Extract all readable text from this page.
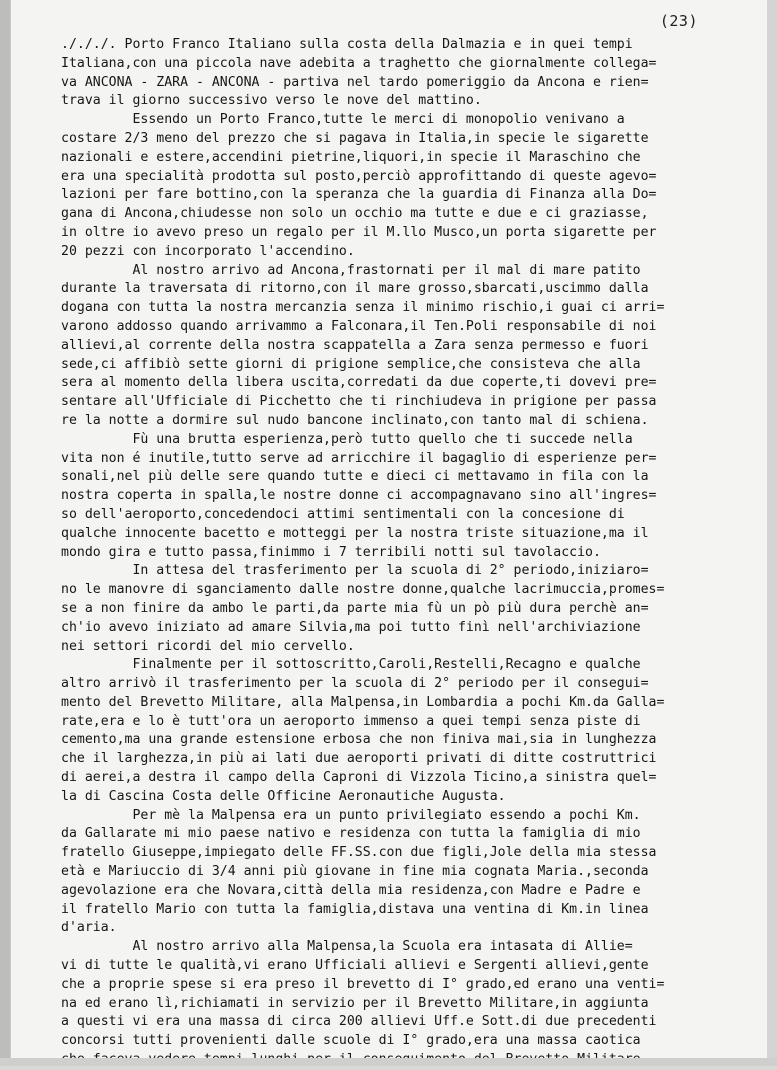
(23)
./././. Porto Franco Italiano sulla costa della Dalmazia e in quei tempi
Italiana,con una piccola nave adebita a traghetto che giornalmente collega=
va ANCONA - ZARA - ANCONA - partiva nel tardo pomeriggio da Ancona e rien=
trava il giorno successivo verso le nove del mattino.
Essendo un Porto Franco,tutte le merci di monopolio venivano a
costare 2/3 meno del prezzo che si pagava in Italia,in specie le sigarette
nazionali e estere,accendini pietrine,liquori,in specie il Maraschino che
era una specialità prodotta sul posto,perciò approfittando di queste agevo=
lazioni per fare bottino,con la speranza che la guardia di Finanza alla Do=
gana di Ancona,chiudesse non solo un occhio ma tutte e due e ci graziasse,
in oltre io avevo preso un regalo per il M.llo Musco,un porta sigarette per
20 pezzi con incorporato l'accendino.
Al nostro arrivo ad Ancona,frastornati per il mal di mare patito
durante la traversata di ritorno,con il mare grosso,sbarcati,uscimmo dalla
dogana con tutta la nostra mercanzia senza il minimo rischio,i guai ci arri=
varono addosso quando arrivammo a Falconara,il Ten.Poli responsabile di noi
allievi,al corrente della nostra scappatella a Zara senza permesso e fuori
sede,ci affibiò sette giorni di prigione semplice,che consisteva che alla
sera al momento della libera uscita,corredati da due coperte,ti dovevi pre=
sentare all'Ufficiale di Picchetto che ti rinchiudeva in prigione per passa
re la notte a dormire sul nudo bancone inclinato,con tanto mal di schiena.
Fù una brutta esperienza,però tutto quello che ti succede nella
vita non é inutile,tutto serve ad arricchire il bagaglio di esperienze per=
sonali,nel più delle sere quando tutte e dieci ci mettavamo in fila con la
nostra coperta in spalla,le nostre donne ci accompagnavano sino all'ingres=
so dell'aeroporto,concedendoci attimi sentimentali con la concesione di
qualche innocente bacetto e motteggi per la nostra triste situazione,ma il
mondo gira e tutto passa,finimmo i 7 terribili notti sul tavolaccio.
In attesa del trasferimento per la scuola di 2° periodo,iniziaro=
no le manovre di sganciamento dalle nostre donne,qualche lacrimuccia,promes=
se a non finire da ambo le parti,da parte mia fù un pò più dura perchè an=
ch'io avevo iniziato ad amare Silvia,ma poi tutto finì nell'archiviazione
nei settori ricordi del mio cervello.
Finalmente per il sottoscritto,Caroli,Restelli,Recagno e qualche
altro arrivò il trasferimento per la scuola di 2° periodo per il consegui=
mento del Brevetto Militare, alla Malpensa,in Lombardia a pochi Km.da Galla=
rate,era e lo è tutt'ora un aeroporto immenso a quei tempi senza piste di
cemento,ma una grande estensione erbosa che non finiva mai,sia in lunghezza
che il larghezza,in più ai lati due aeroporti privati di ditte costruttrici
di aerei,a destra il campo della Caproni di Vizzola Ticino,a sinistra quel=
la di Cascina Costa delle Officine Aeronautiche Augusta.
Per mè la Malpensa era un punto privilegiato essendo a pochi Km.
da Gallarate mi mio paese nativo e residenza con tutta la famiglia di mio
fratello Giuseppe,impiegato delle FF.SS.con due figli,Jole della mia stessa
età e Mariuccio di 3/4 anni più giovane in fine mia cognata Maria.,seconda
agevolazione era che Novara,città della mia residenza,con Madre e Padre e
il fratello Mario con tutta la famiglia,distava una ventina di Km.in linea
d'aria.
Al nostro arrivo alla Malpensa,la Scuola era intasata di Allie=
vi di tutte le qualità,vi erano Ufficiali allievi e Sergenti allievi,gente
che a proprie spese si era preso il brevetto di I° grado,ed erano una venti=
na ed erano lì,richiamati in servizio per il Brevetto Militare,in aggiunta
a questi vi era una massa di circa 200 allievi Uff.e Sott.di due precedenti
concorsi tutti provenienti dalle scuole di I° grado,era una massa caotica
